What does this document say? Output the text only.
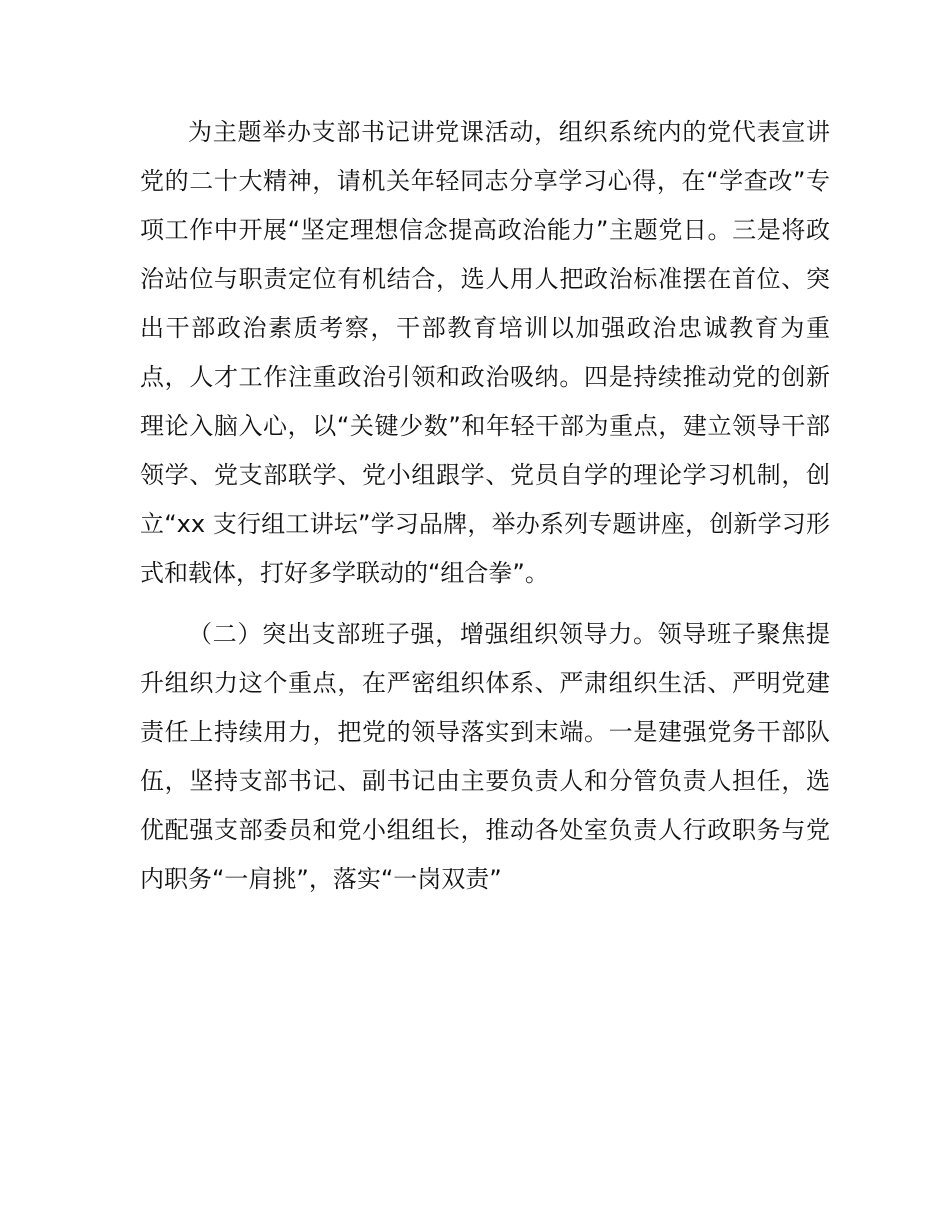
为主题举办支部书记讲党课活动，组织系统内的党代表宣讲党的二十大精神，请机关年轻同志分享学习心得，在“学查改”专项工作中开展“坚定理想信念提高政治能力”主题党日。三是将政治站位与职责定位有机结合，选人用人把政治标准摆在首位、突出干部政治素质考察，干部教育培训以加强政治忠诚教育为重点，人才工作注重政治引领和政治吸纳。四是持续推动党的创新理论入脑入心，以“关键少数”和年轻干部为重点，建立领导干部领学、党支部联学、党小组跟学、党员自学的理论学习机制，创立“xx 支行组工讲坛”学习品牌，举办系列专题讲座，创新学习形式和载体，打好多学联动的“组合拳”。

（二）突出支部班子强，增强组织领导力。领导班子聚焦提升组织力这个重点，在严密组织体系、严肃组织生活、严明党建责任上持续用力，把党的领导落实到末端。一是建强党务干部队伍，坚持支部书记、副书记由主要负责人和分管负责人担任，选优配强支部委员和党小组组长，推动各处室负责人行政职务与党内职务“一肩挑”，落实“一岗双责”
